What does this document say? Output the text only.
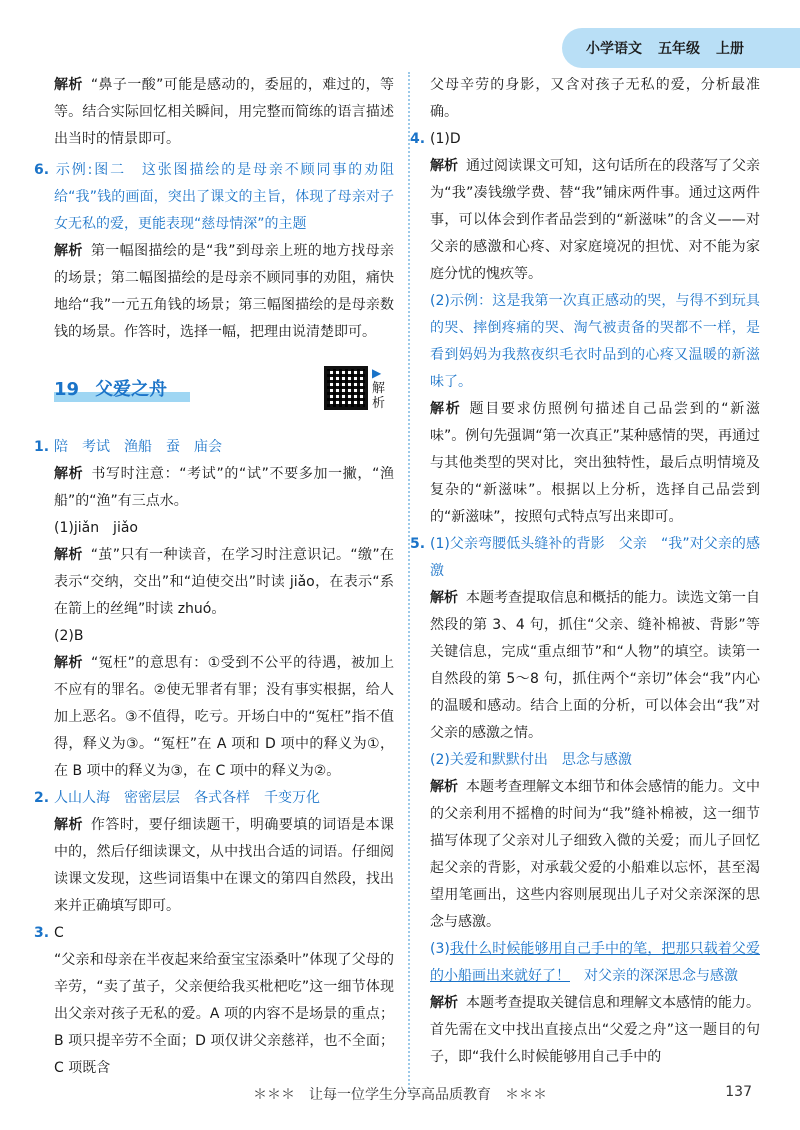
小学语文 五年级 上册

解析 “鼻子一酸”可能是感动的，委屈的，难过的，等等。结合实际回忆相关瞬间，用完整而简练的语言描述出当时的情景即可。

6. 示例:图二　这张图描绘的是母亲不顾同事的劝阻给“我”钱的画面，突出了课文的主旨，体现了母亲对子女无私的爱，更能表现“慈母情深”的主题

解析 第一幅图描绘的是“我”到母亲上班的地方找母亲的场景；第二幅图描绘的是母亲不顾同事的劝阻，痛快地给“我”一元五角钱的场景；第三幅图描绘的是母亲数钱的场景。作答时，选择一幅，把理由说清楚即可。

19 父爱之舟
▶
解析

1. 陪　考试　渔船　蚕　庙会

解析 书写时注意：“考试”的“试”不要多加一撇，“渔船”的“渔”有三点水。

(1)jiǎn　jiǎo

解析 “茧”只有一种读音，在学习时注意识记。“缴”在表示“交纳，交出”和“迫使交出”时读 jiǎo，在表示“系在箭上的丝绳”时读 zhuó。

(2)B

解析 “冤枉”的意思有：①受到不公平的待遇，被加上不应有的罪名。②使无罪者有罪；没有事实根据，给人加上恶名。③不值得，吃亏。开场白中的“冤枉”指不值得，释义为③。“冤枉”在 A 项和 D 项中的释义为①，在 B 项中的释义为③，在 C 项中的释义为②。

2. 人山人海　密密层层　各式各样　千变万化

解析 作答时，要仔细读题干，明确要填的词语是本课中的，然后仔细读课文，从中找出合适的词语。仔细阅读课文发现，这些词语集中在课文的第四自然段，找出来并正确填写即可。

3. C

“父亲和母亲在半夜起来给蚕宝宝添桑叶”体现了父母的辛劳，“卖了茧子，父亲便给我买枇杷吃”这一细节体现出父亲对孩子无私的爱。A 项的内容不是场景的重点；B 项只提辛劳不全面；D 项仅讲父亲慈祥，也不全面；C 项既含

父母辛劳的身影，又含对孩子无私的爱，分析最准确。

4. (1)D

解析 通过阅读课文可知，这句话所在的段落写了父亲为“我”凑钱缴学费、替“我”铺床两件事。通过这两件事，可以体会到作者品尝到的“新滋味”的含义——对父亲的感激和心疼、对家庭境况的担忧、对不能为家庭分忧的愧疚等。

(2)示例：这是我第一次真正感动的哭，与得不到玩具的哭、摔倒疼痛的哭、淘气被责备的哭都不一样，是看到妈妈为我熬夜织毛衣时品到的心疼又温暖的新滋味了。

解析 题目要求仿照例句描述自己品尝到的“新滋味”。例句先强调“第一次真正”某种感情的哭，再通过与其他类型的哭对比，突出独特性，最后点明情境及复杂的“新滋味”。根据以上分析，选择自己品尝到的“新滋味”，按照句式特点写出来即可。

5. (1)父亲弯腰低头缝补的背影　父亲　“我”对父亲的感激

解析 本题考查提取信息和概括的能力。读选文第一自然段的第 3、4 句，抓住“父亲、缝补棉被、背影”等关键信息，完成“重点细节”和“人物”的填空。读第一自然段的第 5～8 句，抓住两个“亲切”体会“我”内心的温暖和感动。结合上面的分析，可以体会出“我”对父亲的感激之情。

(2)关爱和默默付出　思念与感激

解析 本题考查理解文本细节和体会感情的能力。文中的父亲利用不摇橹的时间为“我”缝补棉被，这一细节描写体现了父亲对儿子细致入微的关爱；而儿子回忆起父亲的背影，对承载父爱的小船难以忘怀，甚至渴望用笔画出，这些内容则展现出儿子对父亲深深的思念与感激。

(3)我什么时候能够用自己手中的笔，把那只载着父爱的小船画出来就好了！　对父亲的深深思念与感激

解析 本题考查提取关键信息和理解文本感情的能力。首先需在文中找出直接点出“父爱之舟”这一题目的句子，即“我什么时候能够用自己手中的

＊＊＊　让每一位学生分享高品质教育　＊＊＊	137
